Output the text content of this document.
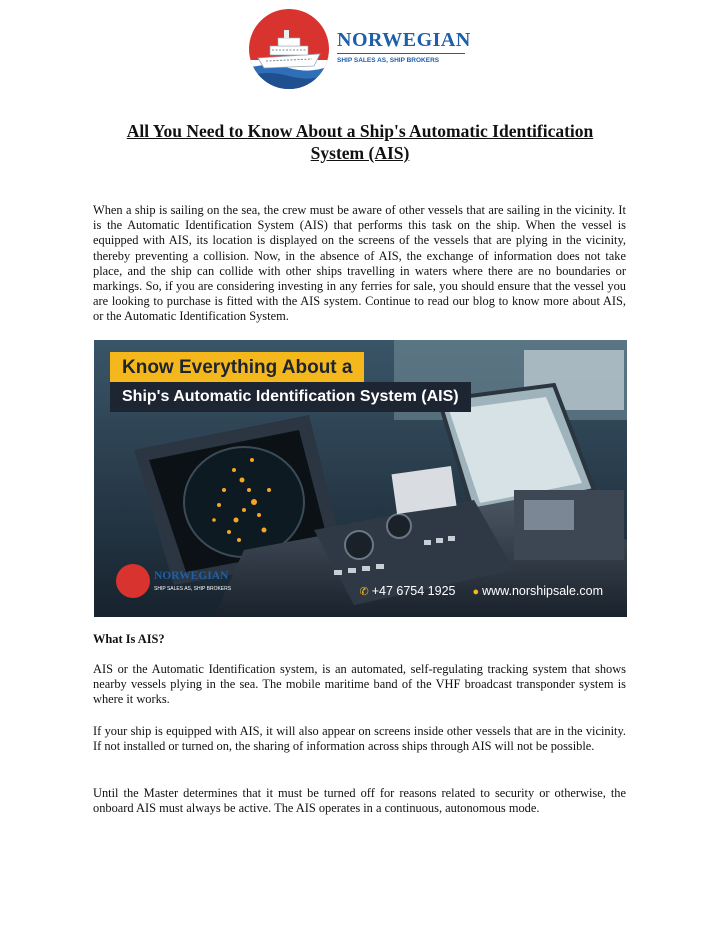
NORWEGIAN
SHIP SALES AS, SHIP BROKERS
All You Need to Know About a Ship's Automatic Identification System (AIS)

When a ship is sailing on the sea, the crew must be aware of other vessels that are sailing in the vicinity. It is the Automatic Identification System (AIS) that performs this task on the ship. When the vessel is equipped with AIS, its location is displayed on the screens of the vessels that are plying in the vicinity, thereby preventing a collision. Now, in the absence of AIS, the exchange of information does not take place, and the ship can collide with other ships travelling in waters where there are no boundaries or markings. So, if you are considering investing in any ferries for sale, you should ensure that the vessel you are looking to purchase is fitted with the AIS system. Continue to read our blog to know more about AIS, or the Automatic Identification System.

Know Everything About a
Ship's Automatic Identification System (AIS)
NORWEGIAN
SHIP SALES AS, SHIP BROKERS	✆ +47 6754 1925 ● www.norshipsale.com
What Is AIS?

AIS or the Automatic Identification system, is an automated, self-regulating tracking system that shows nearby vessels plying in the sea. The mobile maritime band of the VHF broadcast transponder system is where it works.

If your ship is equipped with AIS, it will also appear on screens inside other vessels that are in the vicinity. If not installed or turned on, the sharing of information across ships through AIS will not be possible.

Until the Master determines that it must be turned off for reasons related to security or otherwise, the onboard AIS must always be active. The AIS operates in a continuous, autonomous mode.
